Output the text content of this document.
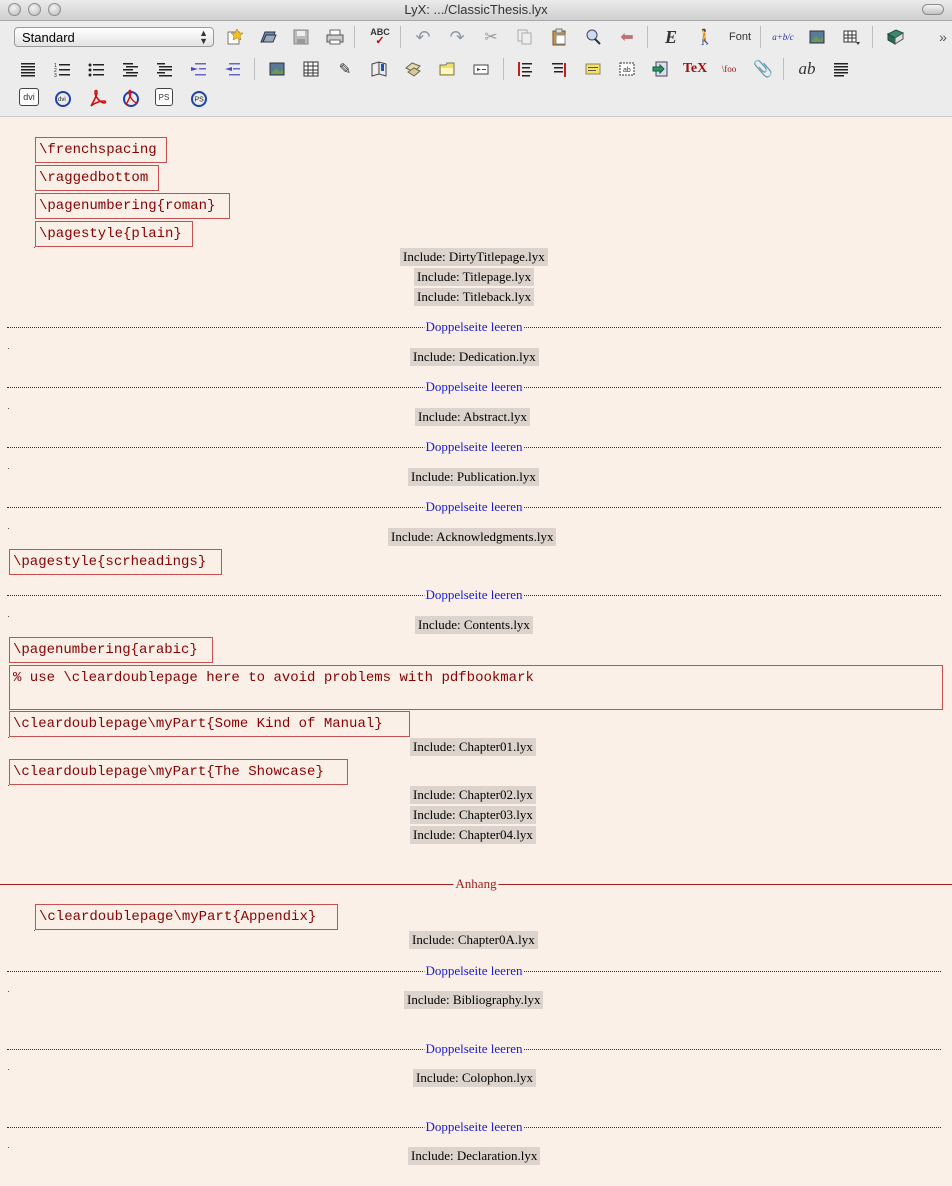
LyX: .../ClassicThesis.lyx
Standard	▲
▼
ABC
✓ ↶ ↷ ✂	⬅ E	🚶 Font	a+b/c	»
1
2
3	✎	ab	TeX	\foo 📎 ab
dvi	dvi	PS	PS
\frenchspacing
\raggedbottom
\pagenumbering{roman}
\pagestyle{plain}
Include: DirtyTitlepage.lyx
Include: Titlepage.lyx
Include: Titleback.lyx
Doppelseite leeren
Include: Dedication.lyx
Doppelseite leeren
Include: Abstract.lyx
Doppelseite leeren
Include: Publication.lyx
Doppelseite leeren
Include: Acknowledgments.lyx
\pagestyle{scrheadings}
Doppelseite leeren
Include: Contents.lyx
\pagenumbering{arabic}
% use \cleardoublepage here to avoid problems with pdfbookmark
\cleardoublepage\myPart{Some Kind of Manual}
Include: Chapter01.lyx
\cleardoublepage\myPart{The Showcase}
Include: Chapter02.lyx
Include: Chapter03.lyx
Include: Chapter04.lyx
Anhang
\cleardoublepage\myPart{Appendix}
Include: Chapter0A.lyx
Doppelseite leeren
Include: Bibliography.lyx
Doppelseite leeren
Include: Colophon.lyx
Doppelseite leeren
Include: Declaration.lyx
